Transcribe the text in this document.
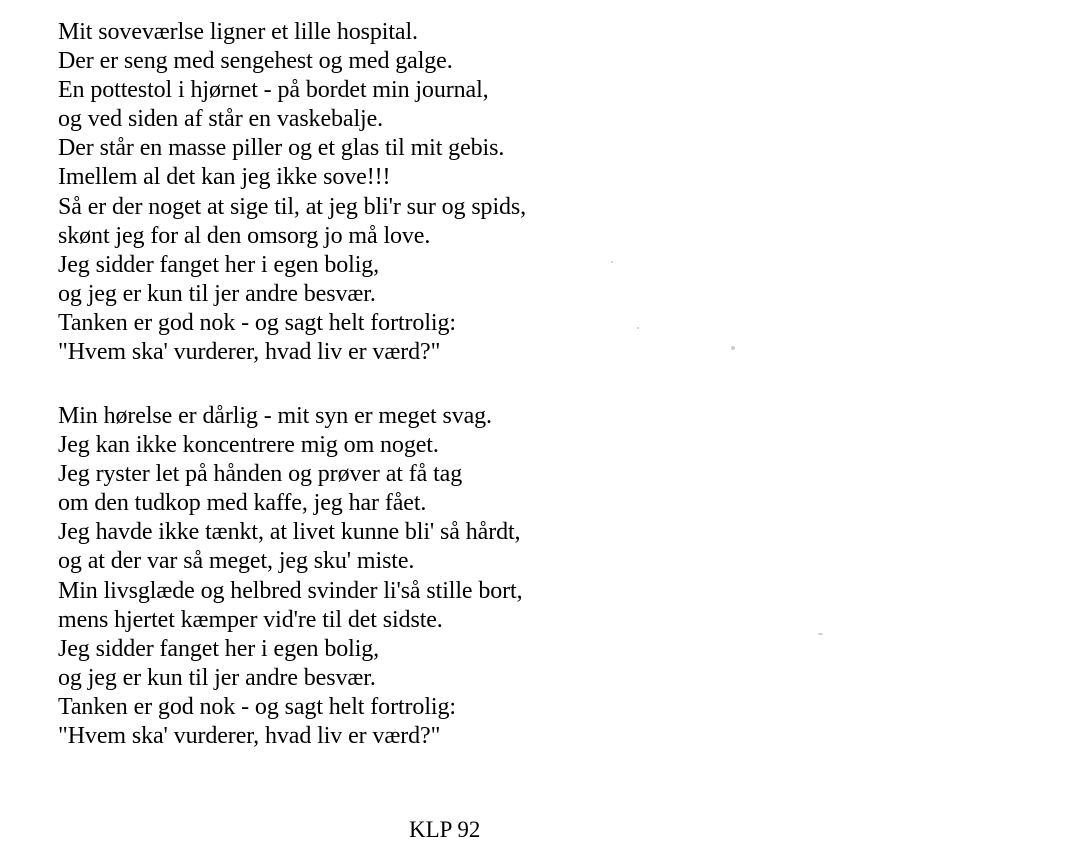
Mit soveværlse ligner et lille hospital.
Der er seng med sengehest og med galge.
En pottestol i hjørnet - på bordet min journal,
og ved siden af står en vaskebalje.
Der står en masse piller og et glas til mit gebis.
Imellem al det kan jeg ikke sove!!!
Så er der noget at sige til, at jeg bli'r sur og spids,
skønt jeg for al den omsorg jo må love.
Jeg sidder fanget her i egen bolig,
og jeg er kun til jer andre besvær.
Tanken er god nok - og sagt helt fortrolig:
"Hvem ska' vurderer, hvad liv er værd?"
Min hørelse er dårlig - mit syn er meget svag.
Jeg kan ikke koncentrere mig om noget.
Jeg ryster let på hånden og prøver at få tag
om den tudkop med kaffe, jeg har fået.
Jeg havde ikke tænkt, at livet kunne bli' så hårdt,
og at der var så meget, jeg sku' miste.
Min livsglæde og helbred svinder li'så stille bort,
mens hjertet kæmper vid're til det sidste.
Jeg sidder fanget her i egen bolig,
og jeg er kun til jer andre besvær.
Tanken er god nok - og sagt helt fortrolig:
"Hvem ska' vurderer, hvad liv er værd?"
KLP 92
